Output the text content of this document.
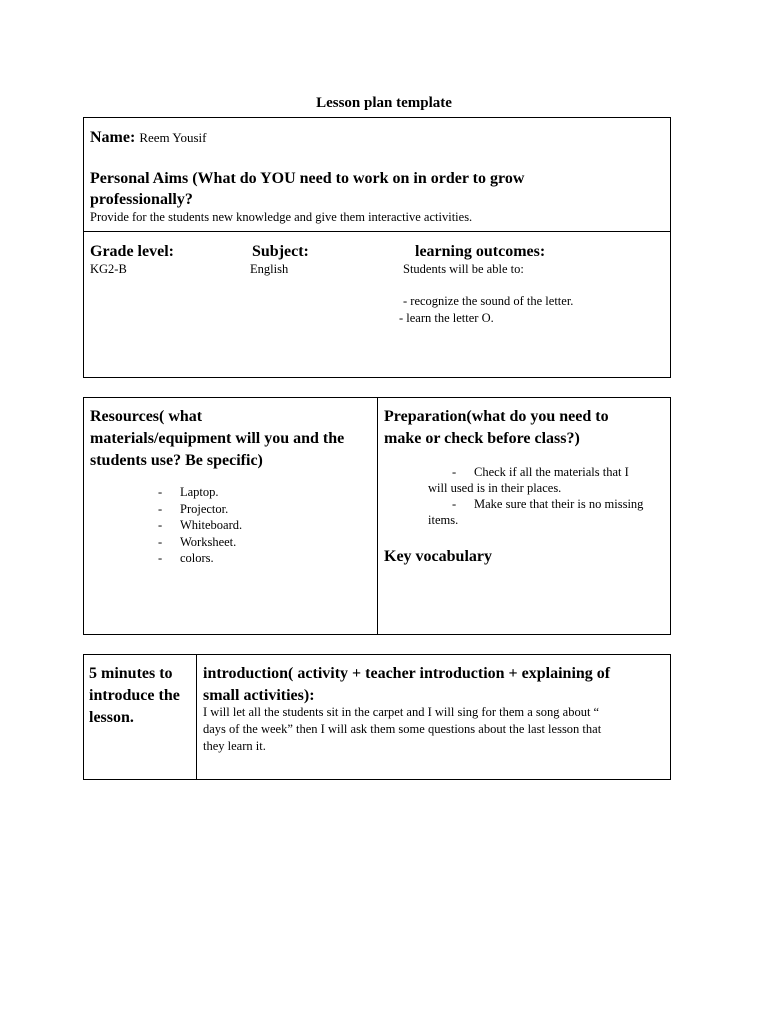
Lesson plan template
Name: Reem Yousif
Personal Aims (What do YOU need to work on in order to grow
professionally?
Provide for the students new knowledge and give them interactive activities.
Grade level:
KG2-B
Subject:
English
learning outcomes:
Students will be able to:
- recognize the sound of the letter.
- learn the letter O.
Resources( what
materials/equipment will you and the
students use? Be specific)
-	Laptop.
-	Projector.
-	Whiteboard.
-	Worksheet.
-	colors.
Preparation(what do you need to
make or check before class?)
- Check if all the materials that I
will used is in their places.
- Make sure that their is no missing
items.
Key vocabulary
5 minutes to
introduce the
lesson.
introduction( activity + teacher introduction + explaining of
small activities):
I will let all the students sit in the carpet and I will sing for them a song about “
days of the week” then I will ask them some questions about the last lesson that
they learn it.
